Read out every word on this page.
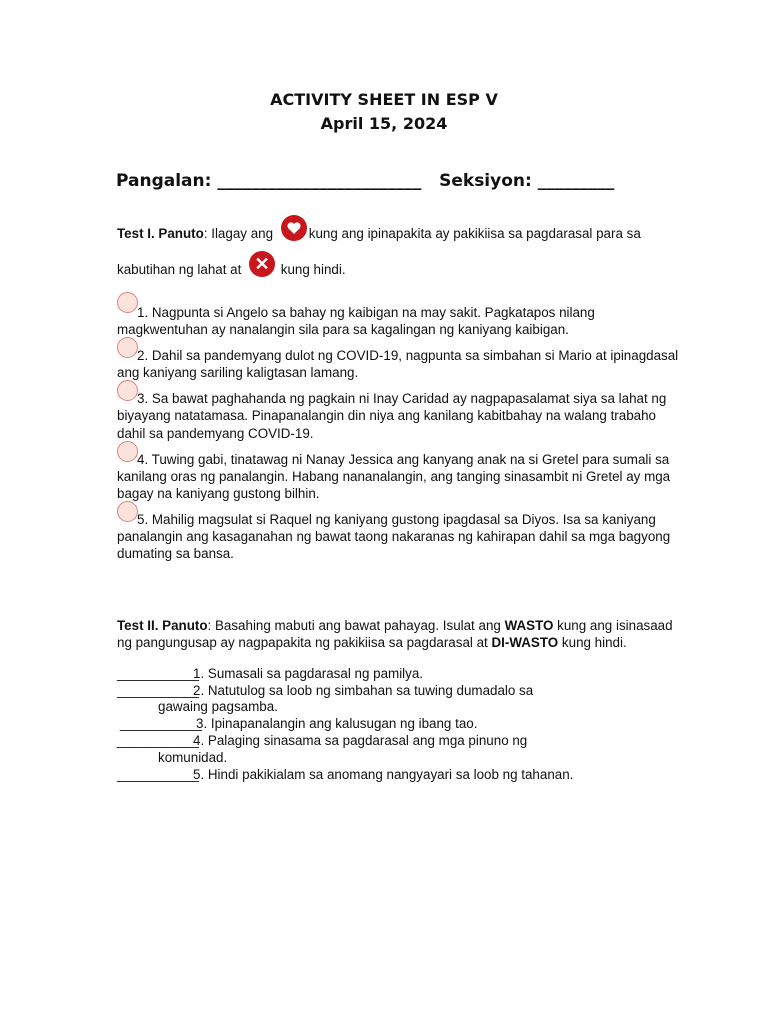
ACTIVITY SHEET IN ESP V
April 15, 2024
Pangalan: ________________________ Seksiyon: _________
Test I. Panuto: Ilagay ang kung ang ipinapakita ay pakikiisa sa pagdarasal para sa
kabutihan ng lahat at ✕ kung hindi.
Test II. Panuto: Basahing mabuti ang bawat pahayag. Isulat ang WASTO kung ang isinasaad
ng pangungusap ay nagpapakita ng pakikiisa sa pagdarasal at DI-WASTO kung hindi.
1. Nagpunta si Angelo sa bahay ng kaibigan na may sakit. Pagkatapos nilang
magkwentuhan ay nanalangin sila para sa kagalingan ng kaniyang kaibigan.
2. Dahil sa pandemyang dulot ng COVID-19, nagpunta sa simbahan si Mario at ipinagdasal
ang kaniyang sariling kaligtasan lamang.
3. Sa bawat paghahanda ng pagkain ni Inay Caridad ay nagpapasalamat siya sa lahat ng
biyayang natatamasa. Pinapanalangin din niya ang kanilang kabitbahay na walang trabaho
dahil sa pandemyang COVID-19.
4. Tuwing gabi, tinatawag ni Nanay Jessica ang kanyang anak na si Gretel para sumali sa
kanilang oras ng panalangin. Habang nananalangin, ang tanging sinasambit ni Gretel ay mga
bagay na kaniyang gustong bilhin.
5. Mahilig magsulat si Raquel ng kaniyang gustong ipagdasal sa Diyos. Isa sa kaniyang
panalangin ang kasaganahan ng bawat taong nakaranas ng kahirapan dahil sa mga bagyong
dumating sa bansa.
___________
1. Sumasali sa pagdarasal ng pamilya.
___________
2. Natutulog sa loob ng simbahan sa tuwing dumadalo sa
gawaing pagsamba.
___________
3. Ipinapanalangin ang kalusugan ng ibang tao.
___________
4. Palaging sinasama sa pagdarasal ang mga pinuno ng
komunidad.
___________
5. Hindi pakikialam sa anomang nangyayari sa loob ng tahanan.
